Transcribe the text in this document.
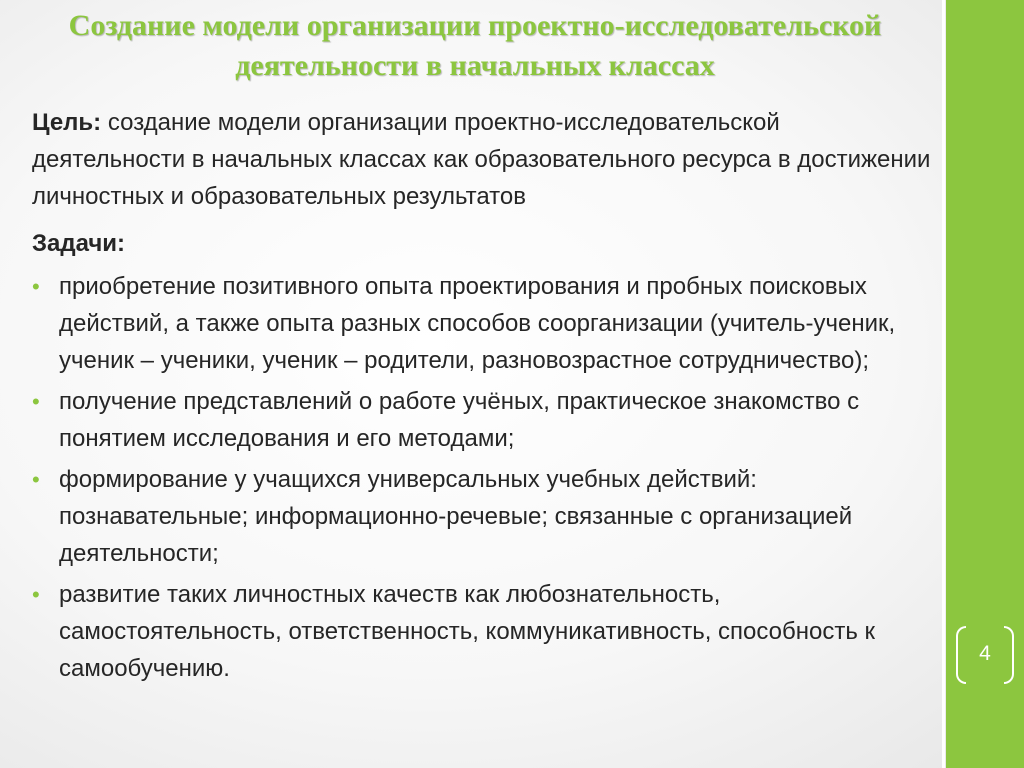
4
Создание модели организации проектно-исследовательской деятельности в начальных классах

Цель: создание модели организации проектно-исследовательской деятельности в начальных классах как образовательного ресурса в достижении личностных и образовательных результатов

Задачи:

• приобретение позитивного опыта проектирования и пробных поисковых действий, а также опыта разных способов соорганизации (учитель-ученик, ученик – ученики, ученик – родители, разновозрастное сотрудничество);
• получение представлений о работе учёных, практическое знакомство с понятием исследования и его методами;
• формирование у учащихся универсальных учебных действий: познавательные; информационно-речевые; связанные с организацией деятельности;
• развитие таких личностных качеств как любознательность, самостоятельность, ответственность, коммуникативность, способность к самообучению.
